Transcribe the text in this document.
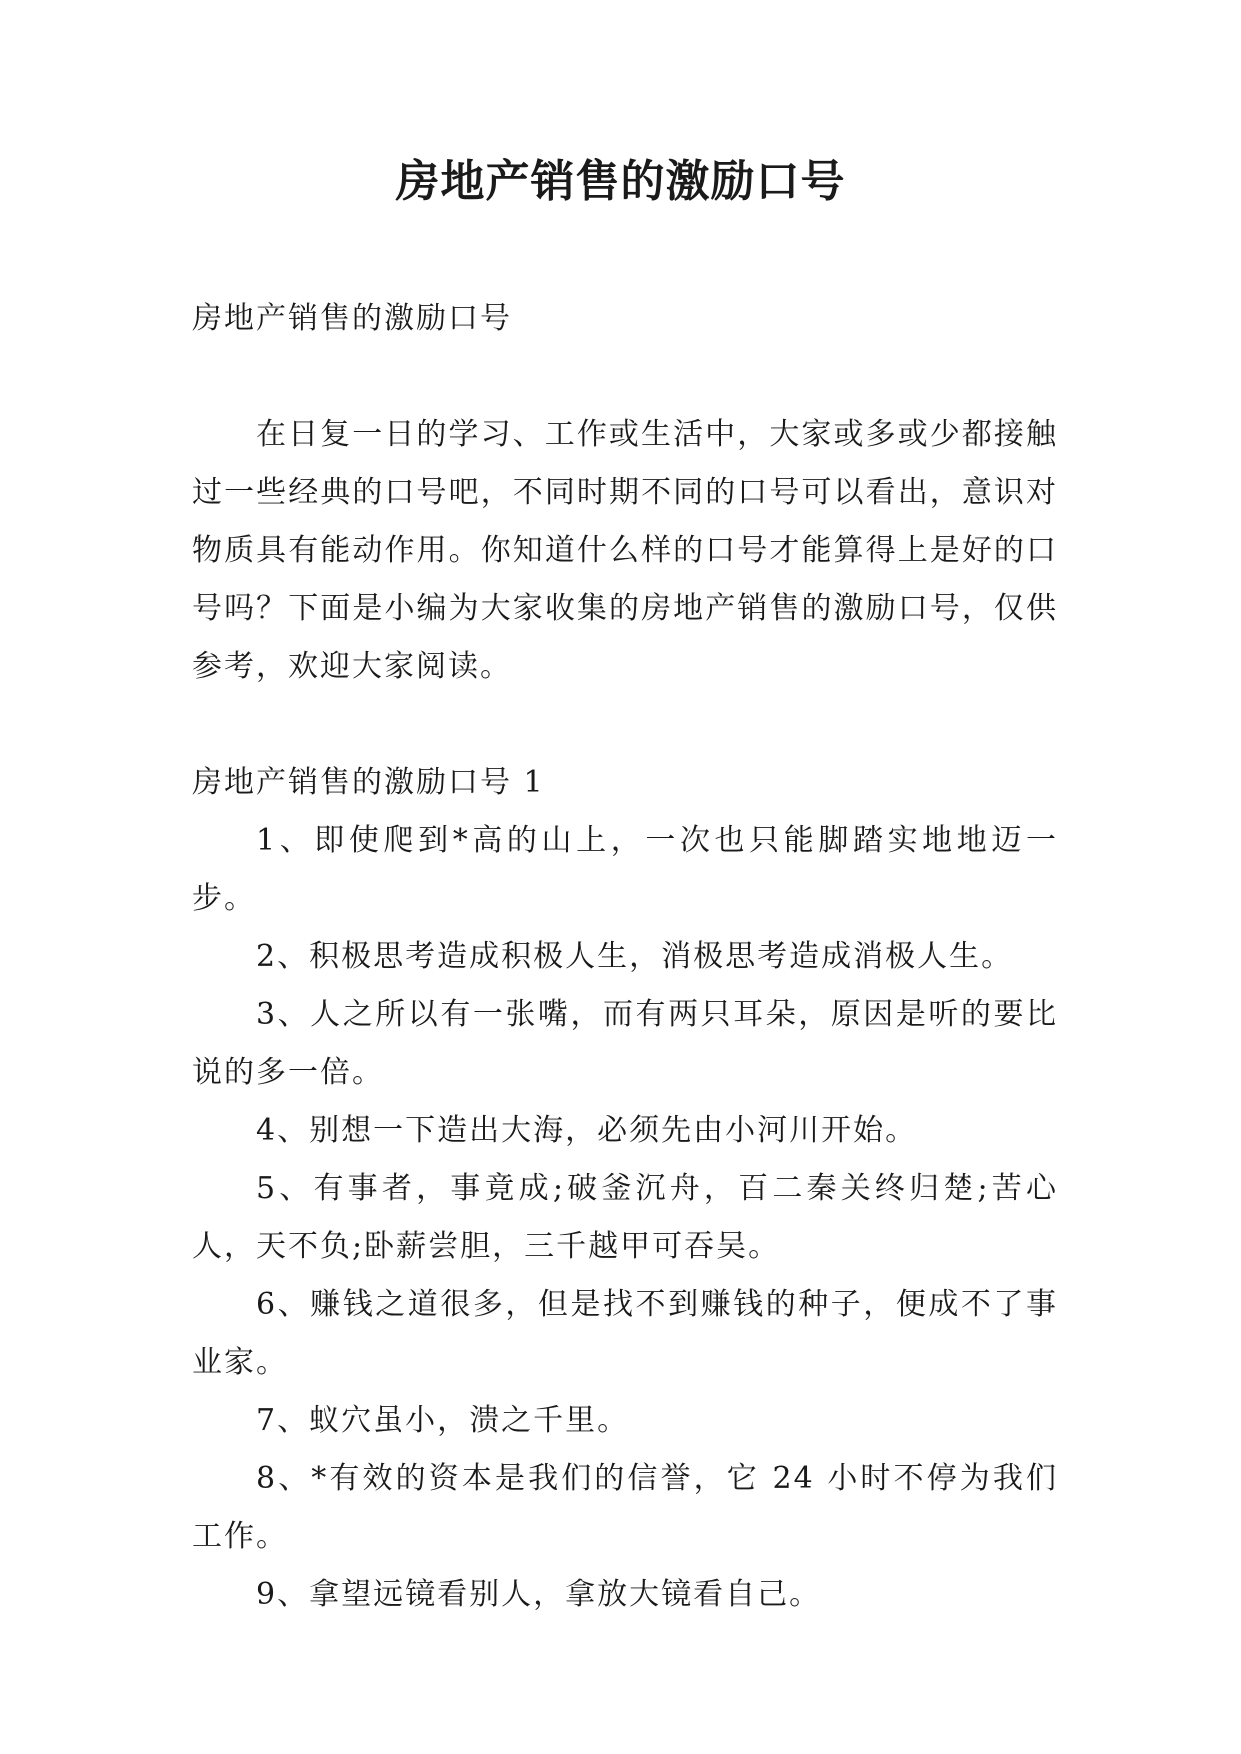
房地产销售的激励口号

房地产销售的激励口号

在日复一日的学习、工作或生活中，大家或多或少都接触过一些经典的口号吧，不同时期不同的口号可以看出，意识对物质具有能动作用。你知道什么样的口号才能算得上是好的口号吗？下面是小编为大家收集的房地产销售的激励口号，仅供参考，欢迎大家阅读。

房地产销售的激励口号 1

1、即使爬到*高的山上，一次也只能脚踏实地地迈一步。

2、积极思考造成积极人生，消极思考造成消极人生。

3、人之所以有一张嘴，而有两只耳朵，原因是听的要比说的多一倍。

4、别想一下造出大海，必须先由小河川开始。

5、有事者，事竟成;破釜沉舟，百二秦关终归楚;苦心人，天不负;卧薪尝胆，三千越甲可吞吴。

6、赚钱之道很多，但是找不到赚钱的种子，便成不了事业家。

7、蚁穴虽小，溃之千里。

8、*有效的资本是我们的信誉，它 24 小时不停为我们工作。

9、拿望远镜看别人，拿放大镜看自己。
